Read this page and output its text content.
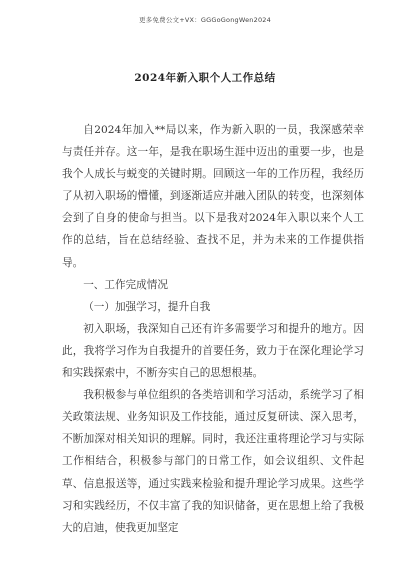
更多免费公文+VX：GGGoGongWen2024
2024年新入职个人工作总结

自2024年加入**局以来，作为新入职的一员，我深感荣幸与责任并存。这一年，是我在职场生涯中迈出的重要一步，也是我个人成长与蜕变的关键时期。回顾这一年的工作历程，我经历了从初入职场的懵懂，到逐渐适应并融入团队的转变，也深刻体会到了自身的使命与担当。以下是我对2024年入职以来个人工作的总结，旨在总结经验、查找不足，并为未来的工作提供指导。

一、工作完成情况

（一）加强学习，提升自我

初入职场，我深知自己还有许多需要学习和提升的地方。因此，我将学习作为自我提升的首要任务，致力于在深化理论学习和实践探索中，不断夯实自己的思想根基。

我积极参与单位组织的各类培训和学习活动，系统学习了相关政策法规、业务知识及工作技能，通过反复研读、深入思考，不断加深对相关知识的理解。同时，我还注重将理论学习与实际工作相结合，积极参与部门的日常工作，如会议组织、文件起草、信息报送等，通过实践来检验和提升理论学习成果。这些学习和实践经历，不仅丰富了我的知识储备，更在思想上给了我极大的启迪，使我更加坚定
